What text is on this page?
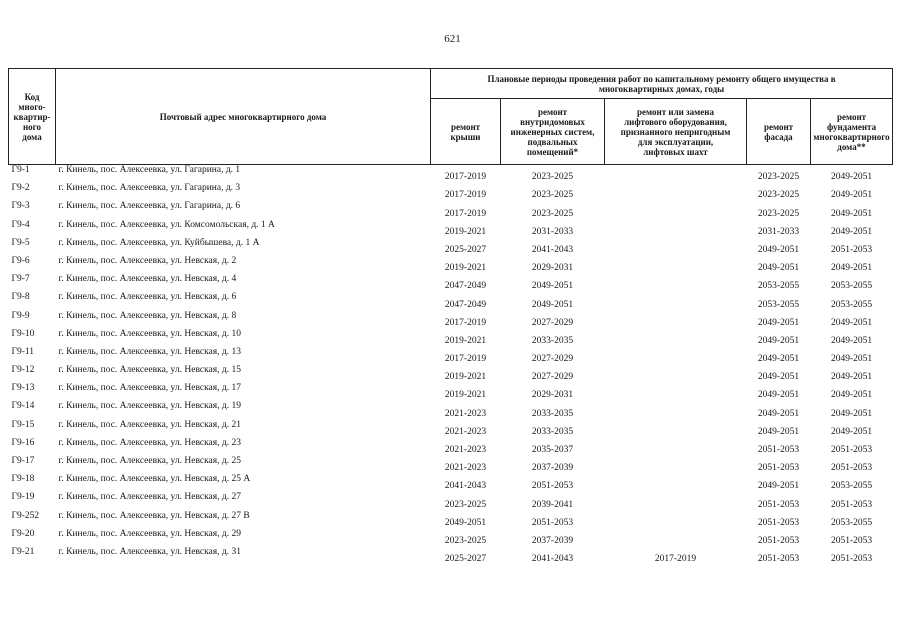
621
Код
много-
квартир-
ного
дома	Почтовый адрес многоквартирного дома	Плановые периоды проведения работ по капитальному ремонту общего имущества в
многоквартирных домах, годы				

		ремонт
крыши	ремонт
внутридомовых
инженерных систем,
подвальных
помещений*	ремонт или замена
лифтового оборудования,
признанного непригодным
для эксплуатации,
лифтовых шахт	ремонт
фасада	ремонт
фундамента
многоквартирного
дома**

Г9-1	г. Кинель, пос. Алексеевка, ул. Гагарина, д. 1	2017-2019	2023-2025		2023-2025	2049-2051
Г9-2	г. Кинель, пос. Алексеевка, ул. Гагарина, д. 3	2017-2019	2023-2025		2023-2025	2049-2051
Г9-3	г. Кинель, пос. Алексеевка, ул. Гагарина, д. 6	2017-2019	2023-2025		2023-2025	2049-2051
Г9-4	г. Кинель, пос. Алексеевка, ул. Комсомольская, д. 1 А	2019-2021	2031-2033		2031-2033	2049-2051
Г9-5	г. Кинель, пос. Алексеевка, ул. Куйбышева, д. 1 А	2025-2027	2041-2043		2049-2051	2051-2053
Г9-6	г. Кинель, пос. Алексеевка, ул. Невская, д. 2	2019-2021	2029-2031		2049-2051	2049-2051
Г9-7	г. Кинель, пос. Алексеевка, ул. Невская, д. 4	2047-2049	2049-2051		2053-2055	2053-2055
Г9-8	г. Кинель, пос. Алексеевка, ул. Невская, д. 6	2047-2049	2049-2051		2053-2055	2053-2055
Г9-9	г. Кинель, пос. Алексеевка, ул. Невская, д. 8	2017-2019	2027-2029		2049-2051	2049-2051
Г9-10	г. Кинель, пос. Алексеевка, ул. Невская, д. 10	2019-2021	2033-2035		2049-2051	2049-2051
Г9-11	г. Кинель, пос. Алексеевка, ул. Невская, д. 13	2017-2019	2027-2029		2049-2051	2049-2051
Г9-12	г. Кинель, пос. Алексеевка, ул. Невская, д. 15	2019-2021	2027-2029		2049-2051	2049-2051
Г9-13	г. Кинель, пос. Алексеевка, ул. Невская, д. 17	2019-2021	2029-2031		2049-2051	2049-2051
Г9-14	г. Кинель, пос. Алексеевка, ул. Невская, д. 19	2021-2023	2033-2035		2049-2051	2049-2051
Г9-15	г. Кинель, пос. Алексеевка, ул. Невская, д. 21	2021-2023	2033-2035		2049-2051	2049-2051
Г9-16	г. Кинель, пос. Алексеевка, ул. Невская, д. 23	2021-2023	2035-2037		2051-2053	2051-2053
Г9-17	г. Кинель, пос. Алексеевка, ул. Невская, д. 25	2021-2023	2037-2039		2051-2053	2051-2053
Г9-18	г. Кинель, пос. Алексеевка, ул. Невская, д. 25 А	2041-2043	2051-2053		2049-2051	2053-2055
Г9-19	г. Кинель, пос. Алексеевка, ул. Невская, д. 27	2023-2025	2039-2041		2051-2053	2051-2053
Г9-252	г. Кинель, пос. Алексеевка, ул. Невская, д. 27 В	2049-2051	2051-2053		2051-2053	2053-2055
Г9-20	г. Кинель, пос. Алексеевка, ул. Невская, д. 29	2023-2025	2037-2039		2051-2053	2051-2053
Г9-21	г. Кинель, пос. Алексеевка, ул. Невская, д. 31	2025-2027	2041-2043	2017-2019	2051-2053	2051-2053
